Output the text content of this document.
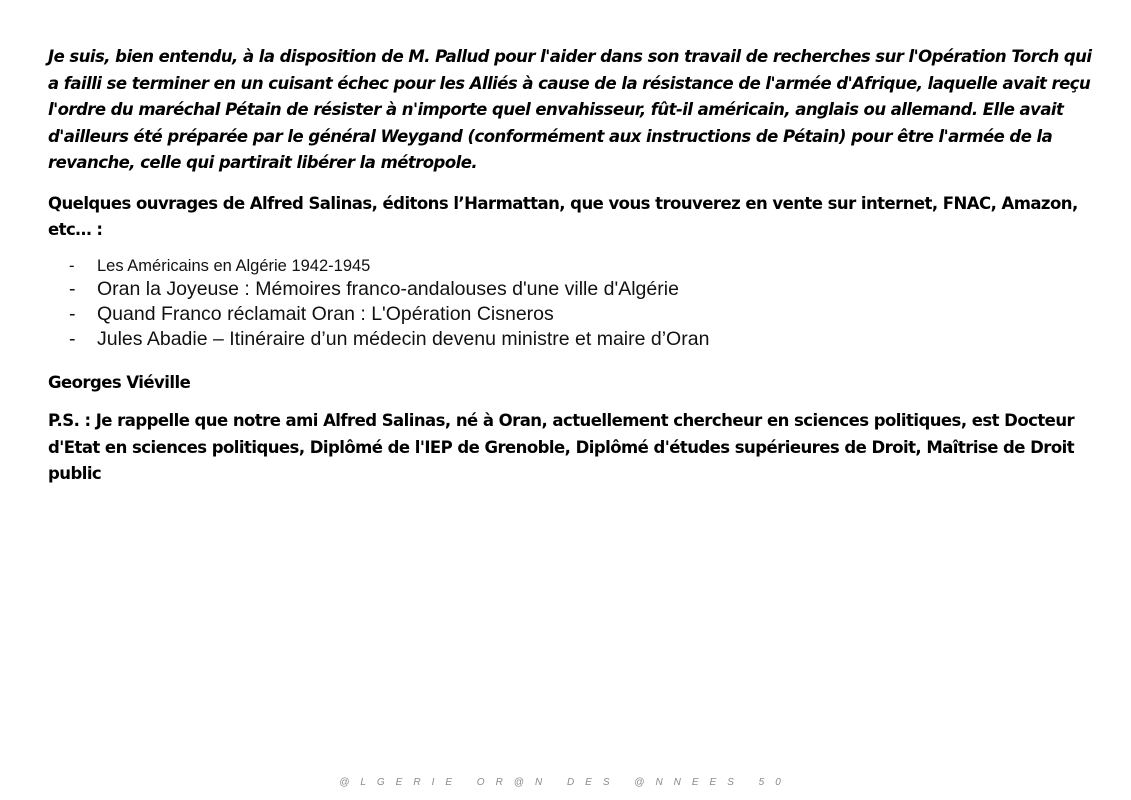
Je suis, bien entendu, à la disposition de M. Pallud pour l'aider dans son travail de recherches sur l'Opération Torch qui a failli se terminer en un cuisant échec pour les Alliés à cause de la résistance de l'armée d'Afrique, laquelle avait reçu l'ordre du maréchal Pétain de résister à n'importe quel envahisseur, fût-il américain, anglais ou allemand. Elle avait d'ailleurs été préparée par le général Weygand (conformément aux instructions de Pétain) pour être l'armée de la revanche, celle qui partirait libérer la métropole.

Quelques ouvrages de Alfred Salinas, éditons l’Harmattan, que vous trouverez en vente sur internet, FNAC, Amazon, etc… :

- Les Américains en Algérie 1942-1945
- Oran la Joyeuse : Mémoires franco-andalouses d'une ville d'Algérie
- Quand Franco réclamait Oran : L'Opération Cisneros
- Jules Abadie – Itinéraire d’un médecin devenu ministre et maire d’Oran

Georges Viéville

P.S. : Je rappelle que notre ami Alfred Salinas, né à Oran, actuellement chercheur en sciences politiques, est Docteur d'Etat en sciences politiques, Diplômé de l'IEP de Grenoble, Diplômé d'études supérieures de Droit, Maîtrise de Droit public

@LGERIE OR@N DES @NNEES 50
